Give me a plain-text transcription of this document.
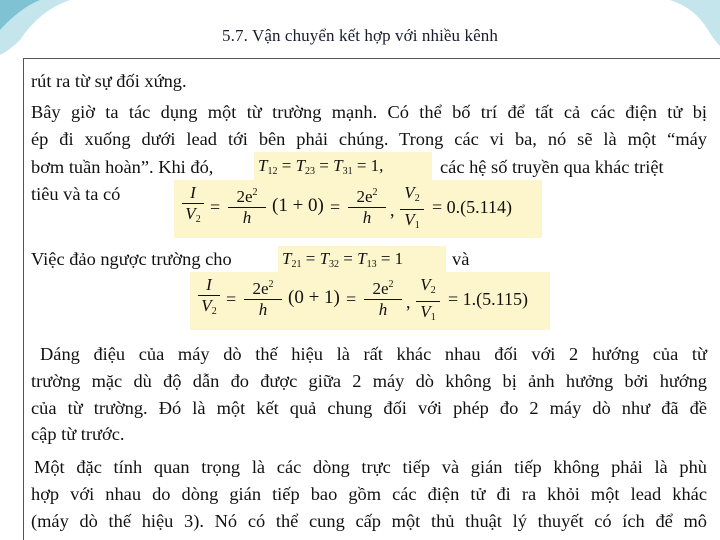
5.7. Vận chuyển kết hợp với nhiều kênh
rút ra từ sự đối xứng.
Bây giờ ta tác dụng một từ trường mạnh. Có thể bố trí để tất cả các điện tử bị
ép đi xuống dưới lead tới bên phải chúng. Trong các vi ba, nó sẽ là một “máy
bơm tuần hoàn”. Khi đó,	$T_{12} = T_{23} = T_{31} = 1$,	các hệ số truyền qua khác triệt
tiêu và ta có	I
$V_2$
=
$2e^2$
h
(1 + 0) =
$2e^2$
h	,
$V_2$
$V_1$
= 0.(5.114)
Việc đảo ngược trường cho	$T_{21} = T_{32} = T_{13} = 1$	và
I
$V_2$
=
$2e^2$
h
(0 + 1) =
$2e^2$
h	,
$V_2$
$V_1$
= 1.(5.115)
Dáng điệu của máy dò thế hiệu là rất khác nhau đối với 2 hướng của từ
trường mặc dù độ dẫn đo được giữa 2 máy dò không bị ảnh hưởng bởi hướng
của từ trường. Đó là một kết quả chung đối với phép đo 2 máy dò như đã đề
cập từ trước.
Một đặc tính quan trọng là các dòng trực tiếp và gián tiếp không phải là phù
hợp với nhau do dòng gián tiếp bao gồm các điện tử đi ra khỏi một lead khác
(máy dò thế hiệu 3). Nó có thể cung cấp một thủ thuật lý thuyết có ích để mô
